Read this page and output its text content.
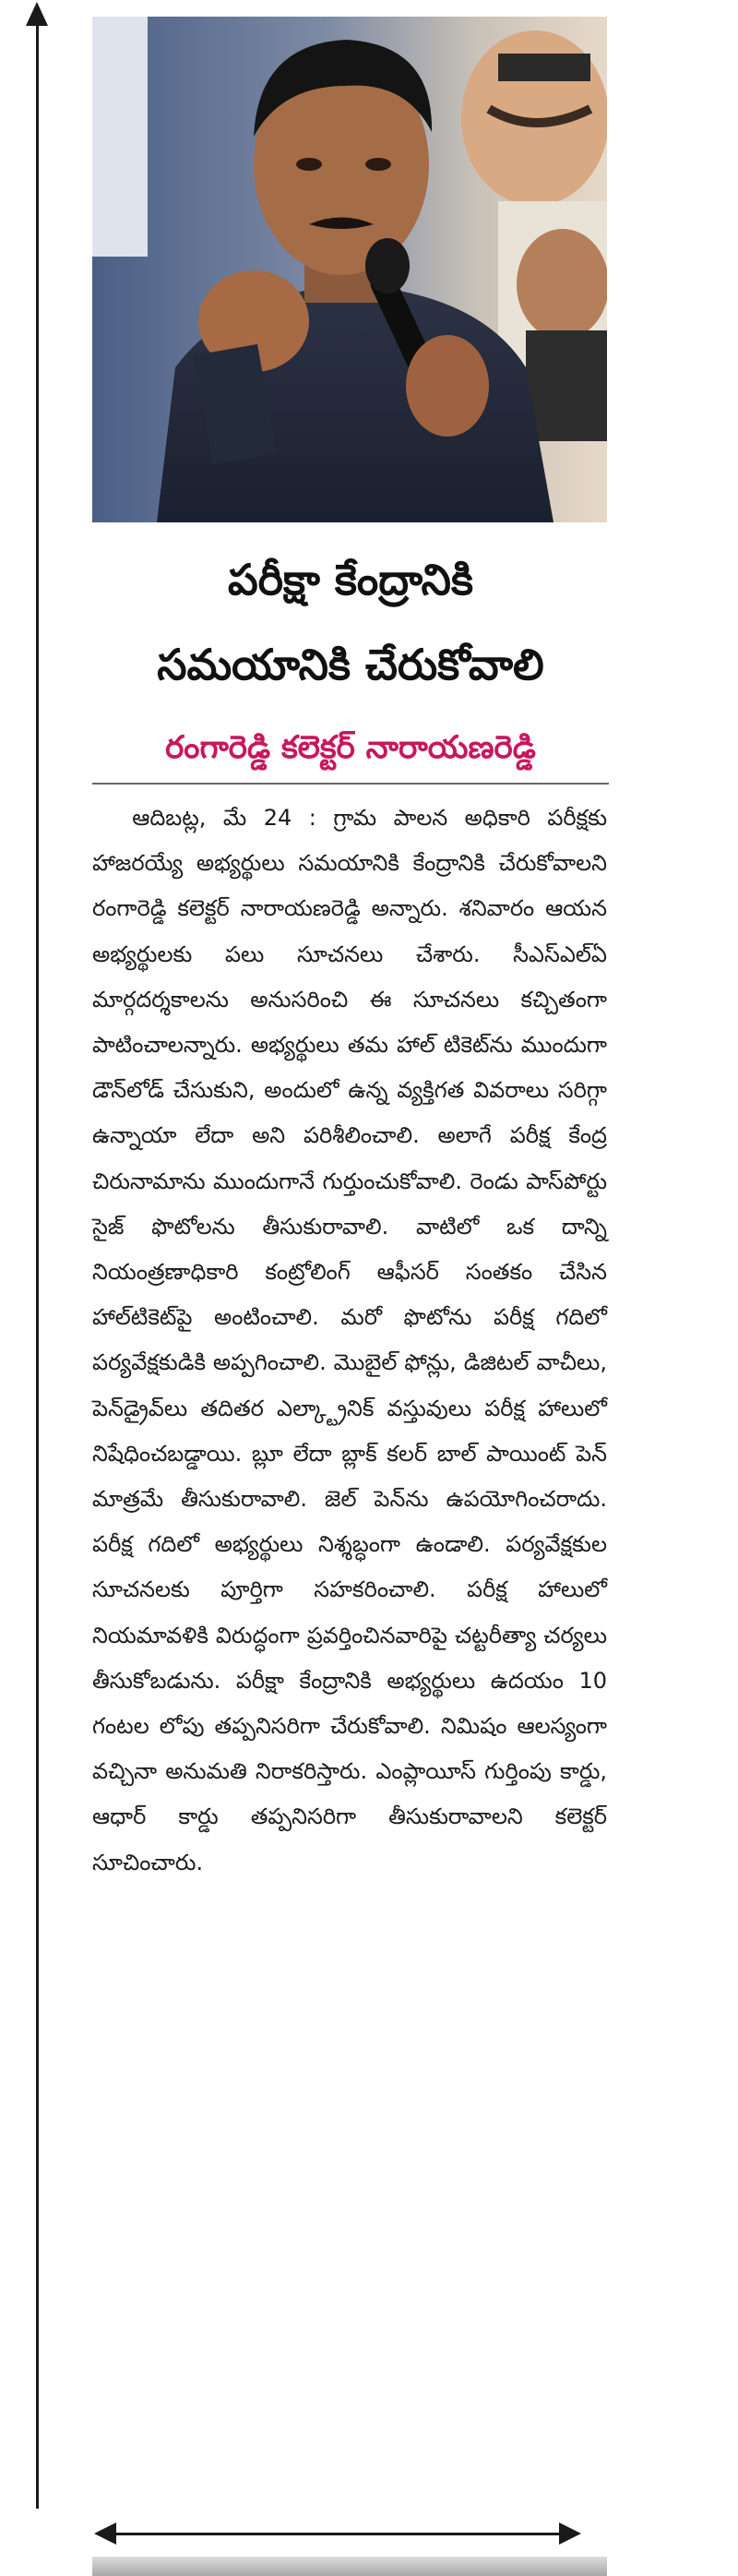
పరీక్షా కేంద్రానికి
సమయానికి చేరుకోవాలి
రంగారెడ్డి కలెక్టర్ నారాయణరెడ్డి

ఆదిబట్ల, మే 24 : గ్రామ పాలన అధికారి పరీక్షకు హాజరయ్యే అభ్యర్థులు సమయానికి కేంద్రానికి చేరుకోవాలని రంగారెడ్డి కలెక్టర్ నారాయణరెడ్డి అన్నారు. శనివారం ఆయన అభ్యర్థులకు పలు సూచనలు చేశారు. సీఎస్ఎల్ఏ మార్గదర్శకాలను అనుసరించి ఈ సూచనలు కచ్చితంగా పాటించాలన్నారు. అభ్యర్థులు తమ హాల్ టికెట్‌ను ముందుగా డౌన్‌లోడ్ చేసుకుని, అందులో ఉన్న వ్యక్తిగత వివరాలు సరిగ్గా ఉన్నాయా లేదా అని పరిశీలించాలి. అలాగే పరీక్ష కేంద్ర చిరునామాను ముందుగానే గుర్తుంచుకోవాలి. రెండు పాస్‌పోర్టు సైజ్ ఫొటోలను తీసుకురావాలి. వాటిలో ఒక దాన్ని నియంత్రణాధికారి కంట్రోలింగ్ ఆఫీసర్ సంతకం చేసిన హాల్‌టికెట్‌పై అంటించాలి. మరో ఫొటోను పరీక్ష గదిలో పర్యవేక్షకుడికి అప్పగించాలి. మొబైల్ ఫోన్లు, డిజిటల్ వాచీలు, పెన్‌డ్రైవ్‌లు తదితర ఎల్క్ట్రానిక్ వస్తువులు పరీక్ష హాలులో నిషేధించబడ్డాయి. బ్లూ లేదా బ్లాక్ కలర్ బాల్ పాయింట్ పెన్ మాత్రమే తీసుకురావాలి. జెల్ పెన్‌ను ఉపయోగించరాదు. పరీక్ష గదిలో అభ్యర్థులు నిశ్శబ్ధంగా ఉండాలి. పర్యవేక్షకుల సూచనలకు పూర్తిగా సహకరించాలి. పరీక్ష హాలులో నియమావళికి విరుద్ధంగా ప్రవర్తించినవారిపై చట్టరీత్యా చర్యలు తీసుకోబడును. పరీక్షా కేంద్రానికి అభ్యర్థులు ఉదయం 10 గంటల లోపు తప్పనిసరిగా చేరుకోవాలి. నిమిషం ఆలస్యంగా వచ్చినా అనుమతి నిరాకరిస్తారు. ఎంప్లాయీస్ గుర్తింపు కార్డు, ఆధార్ కార్డు తప్పనిసరిగా తీసుకురావాలని కలెక్టర్ సూచించారు.
